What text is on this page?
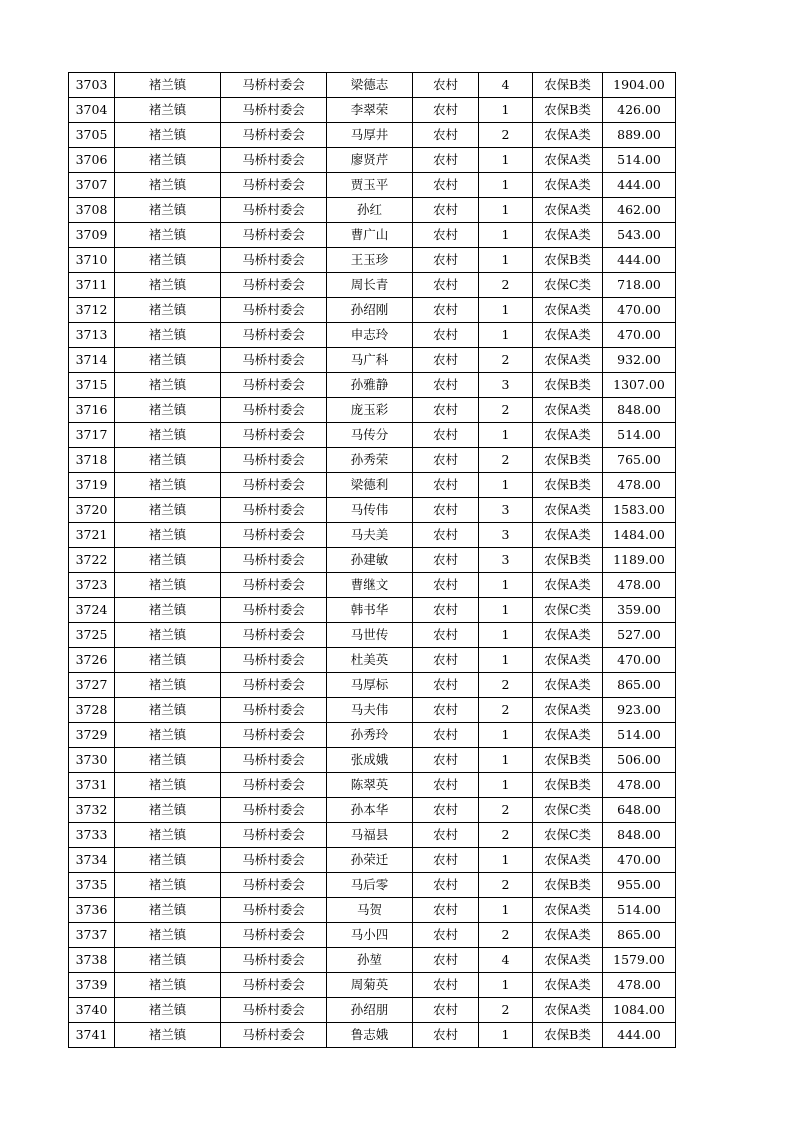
3703	褚兰镇	马桥村委会	梁德志	农村	4	农保B类	1904.00
3704	褚兰镇	马桥村委会	李翠荣	农村	1	农保B类	426.00
3705	褚兰镇	马桥村委会	马厚井	农村	2	农保A类	889.00
3706	褚兰镇	马桥村委会	廖贤芹	农村	1	农保A类	514.00
3707	褚兰镇	马桥村委会	贾玉平	农村	1	农保A类	444.00
3708	褚兰镇	马桥村委会	孙红	农村	1	农保A类	462.00
3709	褚兰镇	马桥村委会	曹广山	农村	1	农保A类	543.00
3710	褚兰镇	马桥村委会	王玉珍	农村	1	农保B类	444.00
3711	褚兰镇	马桥村委会	周长青	农村	2	农保C类	718.00
3712	褚兰镇	马桥村委会	孙绍刚	农村	1	农保A类	470.00
3713	褚兰镇	马桥村委会	申志玲	农村	1	农保A类	470.00
3714	褚兰镇	马桥村委会	马广科	农村	2	农保A类	932.00
3715	褚兰镇	马桥村委会	孙雅静	农村	3	农保B类	1307.00
3716	褚兰镇	马桥村委会	庞玉彩	农村	2	农保A类	848.00
3717	褚兰镇	马桥村委会	马传分	农村	1	农保A类	514.00
3718	褚兰镇	马桥村委会	孙秀荣	农村	2	农保B类	765.00
3719	褚兰镇	马桥村委会	梁德利	农村	1	农保B类	478.00
3720	褚兰镇	马桥村委会	马传伟	农村	3	农保A类	1583.00
3721	褚兰镇	马桥村委会	马夫美	农村	3	农保A类	1484.00
3722	褚兰镇	马桥村委会	孙建敏	农村	3	农保B类	1189.00
3723	褚兰镇	马桥村委会	曹继文	农村	1	农保A类	478.00
3724	褚兰镇	马桥村委会	韩书华	农村	1	农保C类	359.00
3725	褚兰镇	马桥村委会	马世传	农村	1	农保A类	527.00
3726	褚兰镇	马桥村委会	杜美英	农村	1	农保A类	470.00
3727	褚兰镇	马桥村委会	马厚标	农村	2	农保A类	865.00
3728	褚兰镇	马桥村委会	马夫伟	农村	2	农保A类	923.00
3729	褚兰镇	马桥村委会	孙秀玲	农村	1	农保A类	514.00
3730	褚兰镇	马桥村委会	张成娥	农村	1	农保B类	506.00
3731	褚兰镇	马桥村委会	陈翠英	农村	1	农保B类	478.00
3732	褚兰镇	马桥村委会	孙本华	农村	2	农保C类	648.00
3733	褚兰镇	马桥村委会	马福县	农村	2	农保C类	848.00
3734	褚兰镇	马桥村委会	孙荣迁	农村	1	农保A类	470.00
3735	褚兰镇	马桥村委会	马后零	农村	2	农保B类	955.00
3736	褚兰镇	马桥村委会	马贺	农村	1	农保A类	514.00
3737	褚兰镇	马桥村委会	马小四	农村	2	农保A类	865.00
3738	褚兰镇	马桥村委会	孙堃	农村	4	农保A类	1579.00
3739	褚兰镇	马桥村委会	周菊英	农村	1	农保A类	478.00
3740	褚兰镇	马桥村委会	孙绍朋	农村	2	农保A类	1084.00
3741	褚兰镇	马桥村委会	鲁志娥	农村	1	农保B类	444.00
